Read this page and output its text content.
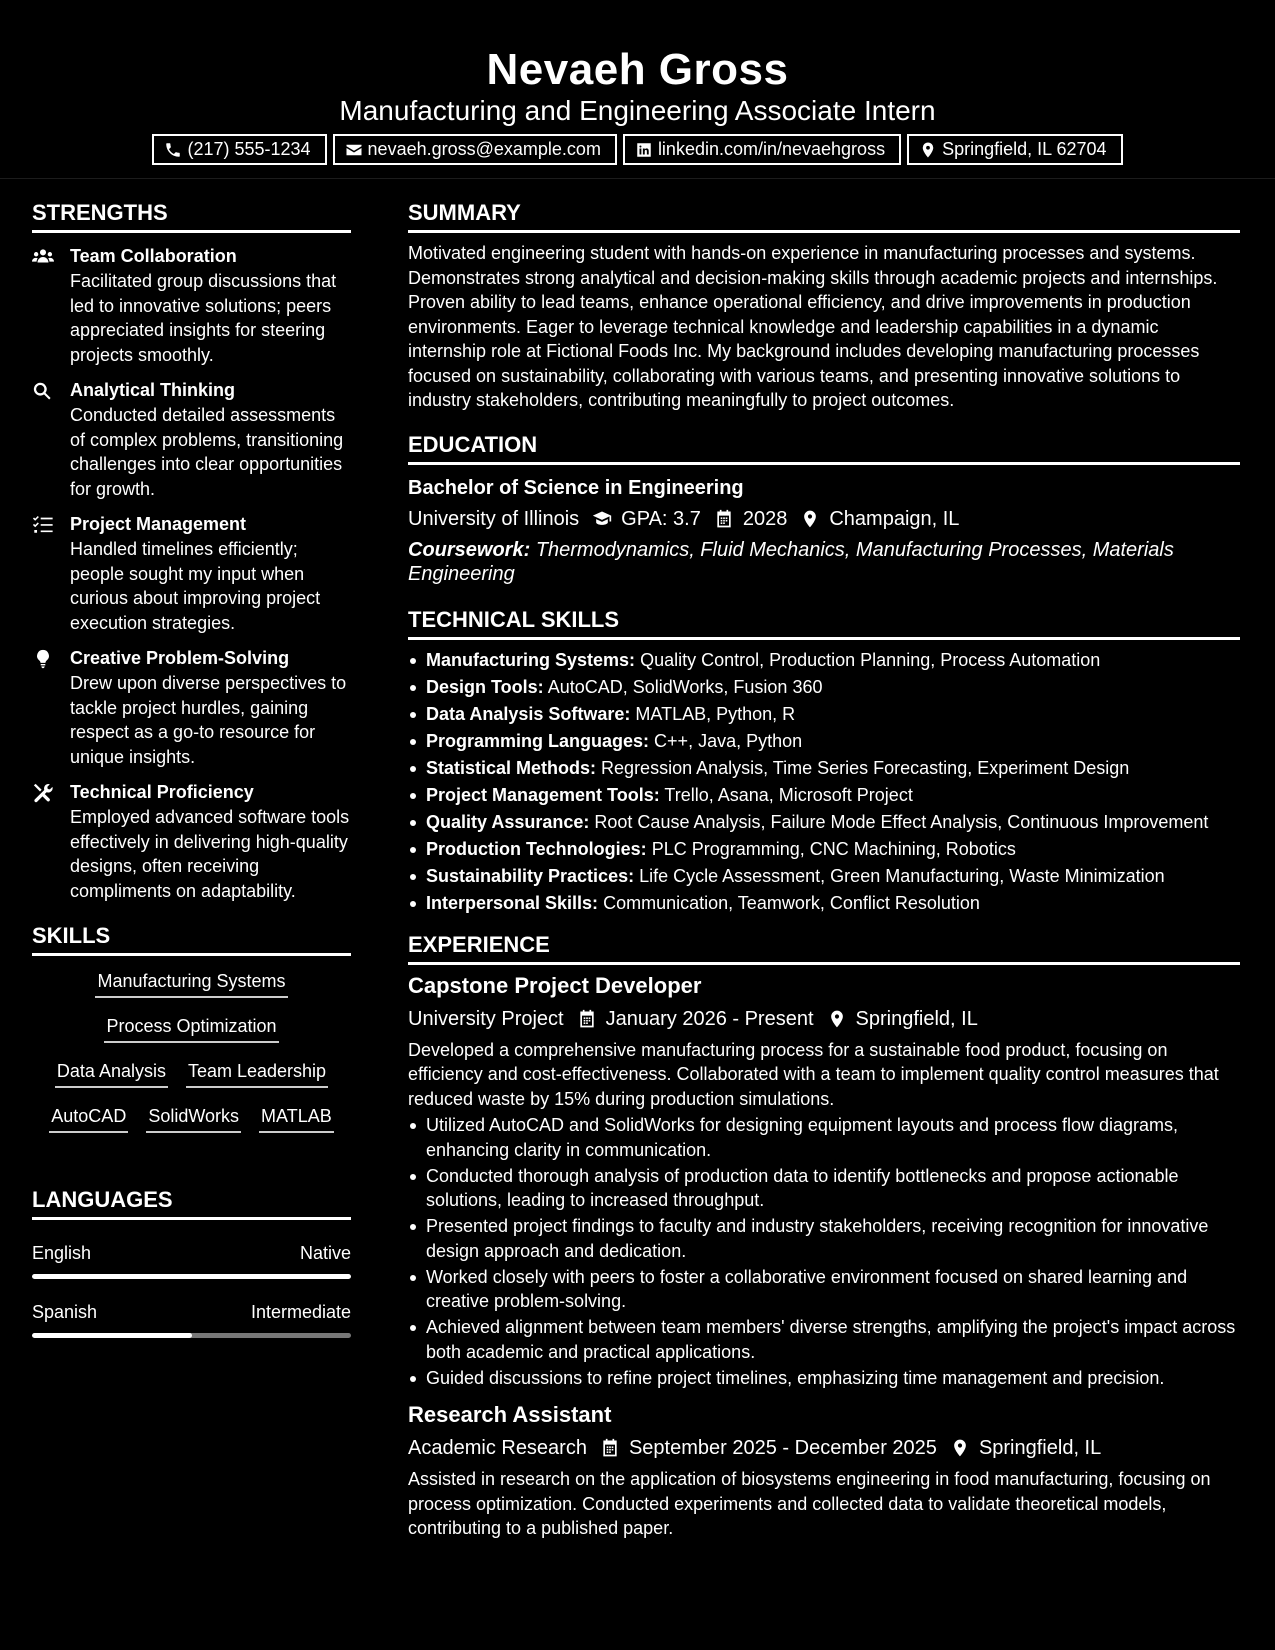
Nevaeh Gross
Manufacturing and Engineering Associate Intern
(217) 555-1234	nevaeh.gross@example.com	linkedin.com/in/nevaehgross	Springfield, IL 62704
STRENGTHS
Team Collaboration
Facilitated group discussions that led to innovative solutions; peers appreciated insights for steering projects smoothly.
Analytical Thinking
Conducted detailed assessments of complex problems, transitioning challenges into clear opportunities for growth.
Project Management
Handled timelines efficiently; people sought my input when curious about improving project execution strategies.
Creative Problem-Solving
Drew upon diverse perspectives to tackle project hurdles, gaining respect as a go-to resource for unique insights.
Technical Proficiency
Employed advanced software tools effectively in delivering high-quality designs, often receiving compliments on adaptability.
SKILLS
Manufacturing Systems
Process Optimization
Data Analysis Team Leadership
AutoCAD SolidWorks MATLAB
LANGUAGES
English	Native
Spanish	Intermediate
SUMMARY
Motivated engineering student with hands-on experience in manufacturing processes and systems. Demonstrates strong analytical and decision-making skills through academic projects and internships. Proven ability to lead teams, enhance operational efficiency, and drive improvements in production environments. Eager to leverage technical knowledge and leadership capabilities in a dynamic internship role at Fictional Foods Inc. My background includes developing manufacturing processes focused on sustainability, collaborating with various teams, and presenting innovative solutions to industry stakeholders, contributing meaningfully to project outcomes.
EDUCATION
Bachelor of Science in Engineering
University of Illinois GPA: 3.7 2028 Champaign, IL
Coursework: Thermodynamics, Fluid Mechanics, Manufacturing Processes, Materials Engineering
TECHNICAL SKILLS
Manufacturing Systems: Quality Control, Production Planning, Process Automation
Design Tools: AutoCAD, SolidWorks, Fusion 360
Data Analysis Software: MATLAB, Python, R
Programming Languages: C++, Java, Python
Statistical Methods: Regression Analysis, Time Series Forecasting, Experiment Design
Project Management Tools: Trello, Asana, Microsoft Project
Quality Assurance: Root Cause Analysis, Failure Mode Effect Analysis, Continuous Improvement
Production Technologies: PLC Programming, CNC Machining, Robotics
Sustainability Practices: Life Cycle Assessment, Green Manufacturing, Waste Minimization
Interpersonal Skills: Communication, Teamwork, Conflict Resolution
EXPERIENCE
Capstone Project Developer
University Project January 2026 - Present Springfield, IL
Developed a comprehensive manufacturing process for a sustainable food product, focusing on efficiency and cost-effectiveness. Collaborated with a team to implement quality control measures that reduced waste by 15% during production simulations.
Utilized AutoCAD and SolidWorks for designing equipment layouts and process flow diagrams, enhancing clarity in communication.
Conducted thorough analysis of production data to identify bottlenecks and propose actionable solutions, leading to increased throughput.
Presented project findings to faculty and industry stakeholders, receiving recognition for innovative design approach and dedication.
Worked closely with peers to foster a collaborative environment focused on shared learning and creative problem-solving.
Achieved alignment between team members' diverse strengths, amplifying the project's impact across both academic and practical applications.
Guided discussions to refine project timelines, emphasizing time management and precision.
Research Assistant
Academic Research September 2025 - December 2025 Springfield, IL
Assisted in research on the application of biosystems engineering in food manufacturing, focusing on process optimization. Conducted experiments and collected data to validate theoretical models, contributing to a published paper.
